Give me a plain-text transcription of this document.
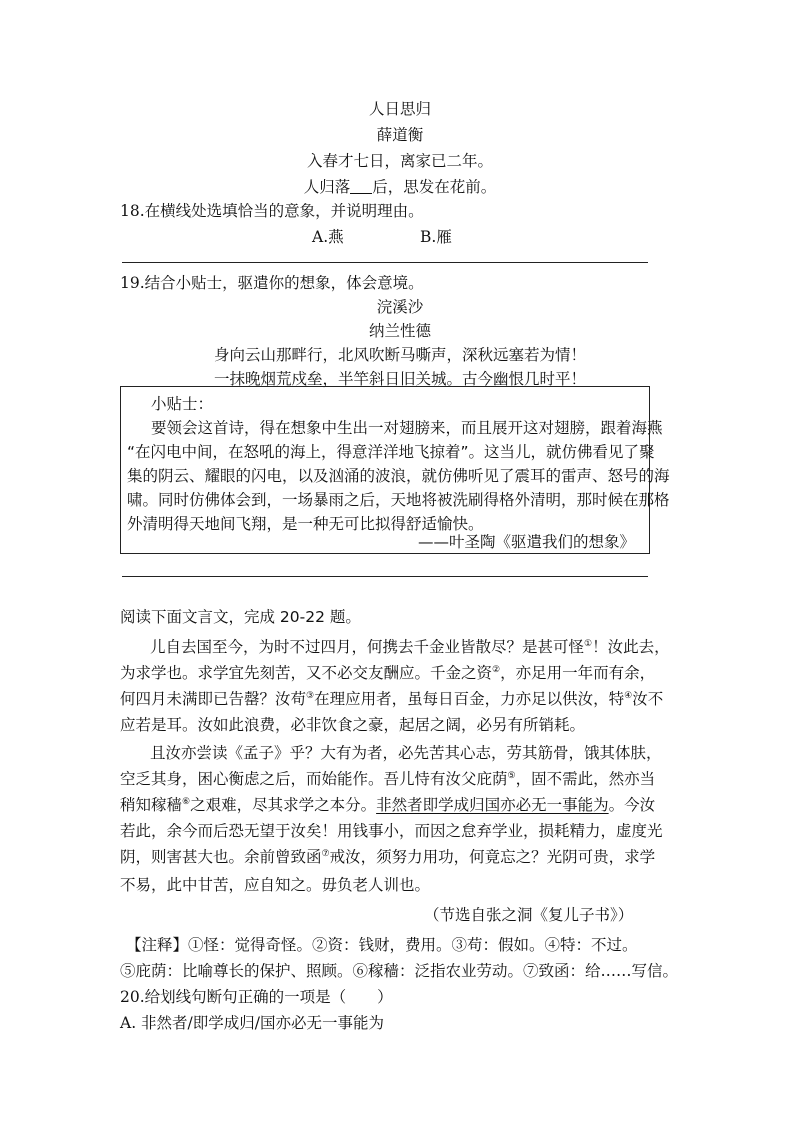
人日思归
薛道衡
入春才七日，离家已二年。
人归落 后，思发在花前。
18.在横线处选填恰当的意象，并说明理由。
A.燕	B.雁
19.结合小贴士，驱遣你的想象，体会意境。
浣溪沙
纳兰性德
身向云山那畔行，北风吹断马嘶声，深秋远塞若为情！
一抹晚烟荒戍垒，半竿斜日旧关城。古今幽恨几时平！
小贴士：
要领会这首诗，得在想象中生出一对翅膀来，而且展开这对翅膀，跟着海燕
“在闪电中间，在怒吼的海上，得意洋洋地飞掠着”。这当儿，就仿佛看见了聚
集的阴云、耀眼的闪电，以及汹涌的波浪，就仿佛听见了震耳的雷声、怒号的海
啸。同时仿佛体会到，一场暴雨之后，天地将被洗刷得格外清明，那时候在那格
外清明得天地间飞翔，是一种无可比拟得舒适愉快。
——叶圣陶《驱遣我们的想象》
阅读下面文言文，完成 20-22 题。
儿自去国至今，为时不过四月，何携去千金业皆散尽？是甚可怪①！汝此去，
为求学也。求学宜先刻苦，又不必交友酬应。千金之资②，亦足用一年而有余，
何四月未满即已告罄？汝苟③在理应用者，虽每日百金，力亦足以供汝，特④汝不
应若是耳。汝如此浪费，必非饮食之豪，起居之阔，必另有所销耗。
且汝亦尝读《孟子》乎？大有为者，必先苦其心志，劳其筋骨，饿其体肤，
空乏其身，困心衡虑之后，而始能作。吾儿恃有汝父庇荫⑤，固不需此，然亦当
稍知稼穑⑥之艰难，尽其求学之本分。非然者即学成归国亦必无一事能为。今汝
若此，余今而后恐无望于汝矣！用钱事小，而因之怠弃学业，损耗精力，虚度光
阴，则害甚大也。余前曾致函⑦戒汝，须努力用功，何竟忘之？光阴可贵，求学
不易，此中甘苦，应自知之。毋负老人训也。
（节选自张之洞《复儿子书》）
【注释】①怪：觉得奇怪。②资：钱财，费用。③苟：假如。④特：不过。
⑤庇荫：比喻尊长的保护、照顾。⑥稼穑：泛指农业劳动。⑦致函：给……写信。
20.给划线句断句正确的一项是（　　）
A. 非然者/即学成归/国亦必无一事能为
